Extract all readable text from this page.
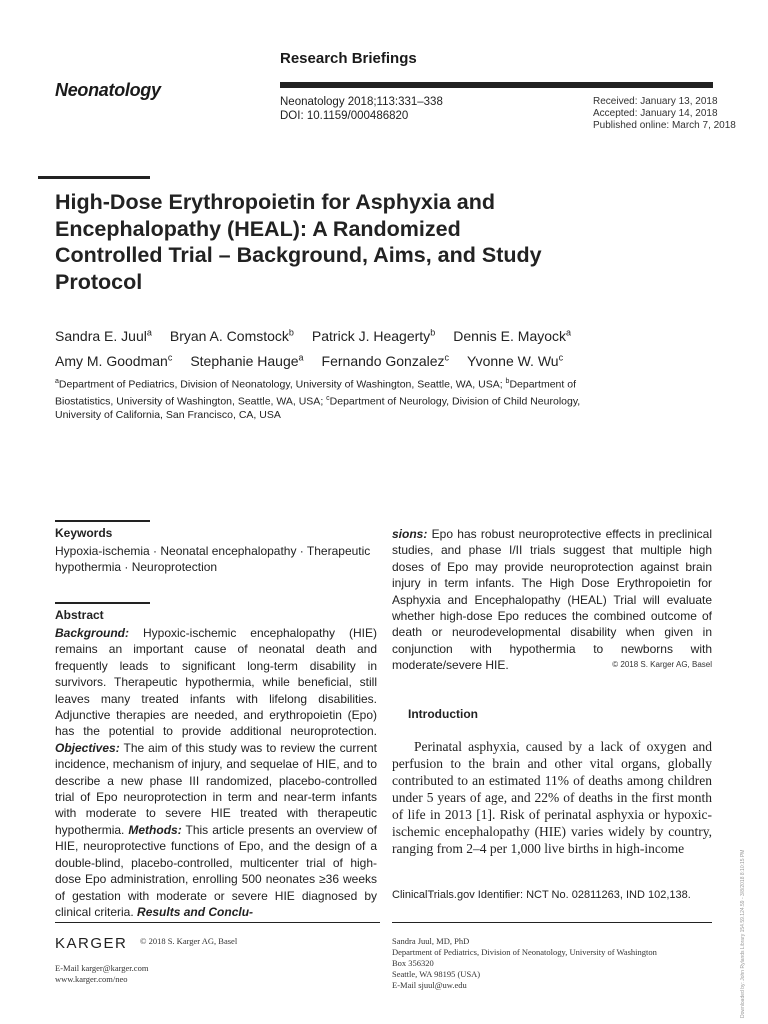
Research Briefings
Neonatology
Neonatology 2018;113:331–338
DOI: 10.1159/000486820
Received: January 13, 2018
Accepted: January 14, 2018
Published online: March 7, 2018
High-Dose Erythropoietin for Asphyxia and
Encephalopathy (HEAL): A Randomized
Controlled Trial – Background, Aims, and Study
Protocol
Sandra E. Juul$^a$ Bryan A. Comstock$^b$ Patrick J. Heagerty$^b$ Dennis E. Mayock$^a$
Amy M. Goodman$^c$ Stephanie Hauge$^a$ Fernando Gonzalez$^c$ Yvonne W. Wu$^c$
$^a$Department of Pediatrics, Division of Neonatology, University of Washington, Seattle, WA, USA; $^b$Department of Biostatistics, University of Washington, Seattle, WA, USA; $^c$Department of Neurology, Division of Child Neurology, University of California, San Francisco, CA, USA
Keywords
Hypoxia-ischemia · Neonatal encephalopathy · Therapeutic hypothermia · Neuroprotection
Abstract

Background: Hypoxic-ischemic encephalopathy (HIE) remains an important cause of neonatal death and frequently leads to significant long-term disability in survivors. Therapeutic hypothermia, while beneficial, still leaves many treated infants with lifelong disabilities. Adjunctive therapies are needed, and erythropoietin (Epo) has the potential to provide additional neuroprotection. Objectives: The aim of this study was to review the current incidence, mechanism of injury, and sequelae of HIE, and to describe a new phase III randomized, placebo-controlled trial of Epo neuroprotection in term and near-term infants with moderate to severe HIE treated with therapeutic hypothermia. Methods: This article presents an overview of HIE, neuroprotective functions of Epo, and the design of a double-blind, placebo-controlled, multicenter trial of high-dose Epo administration, enrolling 500 neonates ≥36 weeks of gestation with moderate or severe HIE diagnosed by clinical criteria. Results and Conclu-

sions: Epo has robust neuroprotective effects in preclinical studies, and phase I/II trials suggest that multiple high doses of Epo may provide neuroprotection against brain injury in term infants. The High Dose Erythropoietin for Asphyxia and Encephalopathy (HEAL) Trial will evaluate whether high-dose Epo reduces the combined outcome of death or neurodevelopmental disability when given in conjunction with hypothermia to newborns with moderate/severe HIE.	© 2018 S. Karger AG, Basel
Introduction

Perinatal asphyxia, caused by a lack of oxygen and perfusion to the brain and other vital organs, globally contributed to an estimated 11% of deaths among children under 5 years of age, and 22% of deaths in the first month of life in 2013 [1]. Risk of perinatal asphyxia or hypoxic-ischemic encephalopathy (HIE) varies widely by country, ranging from 2–4 per 1,000 live births in high-income

ClinicalTrials.gov Identifier: NCT No. 02811263, IND 102,138.
KARGER © 2018 S. Karger AG, Basel
E-Mail karger@karger.com
www.karger.com/neo
Sandra Juul, MD, PhD
Department of Pediatrics, Division of Neonatology, University of Washington
Box 356320
Seattle, WA 98195 (USA)
E-Mail sjuul@uw.edu	Downloaded by: John Rylands Library 154.59.124.59 - 3/8/2018 8:10:15 PM
